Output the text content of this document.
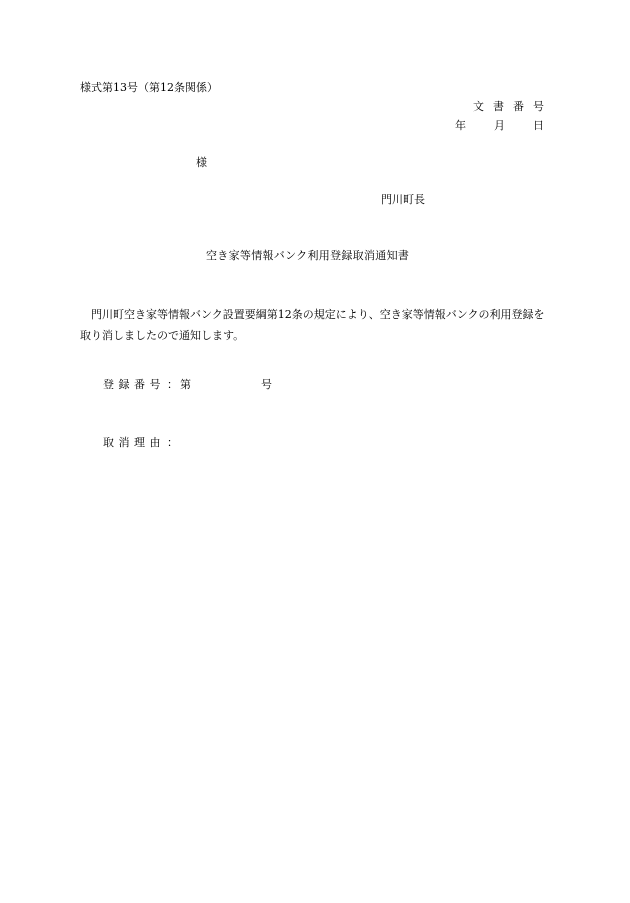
様式第13号（第12条関係）
文書番号
年	月	日
様
門川町長
空き家等情報バンク利用登録取消通知書
門川町空き家等情報バンク設置要綱第12条の規定により、空き家等情報バンクの利用登録を取り消しましたので通知します。
登録番号 ： 第	号
取消理由 ：
